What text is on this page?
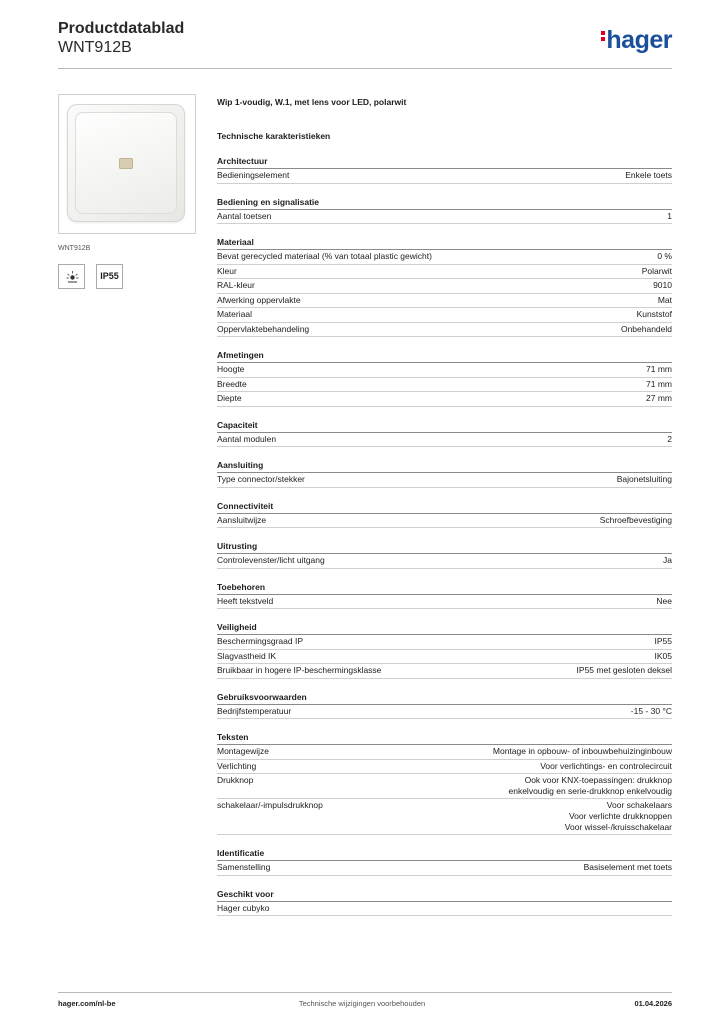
Productdatablad
WNT912B	hager
WNT912B
IP55
Wip 1-voudig, W.1, met lens voor LED, polarwit
Technische karakteristieken
Architectuur
Bedieningselement	Enkele toets
Bediening en signalisatie
Aantal toetsen	1
Materiaal
Bevat gerecycled materiaal (% van totaal plastic gewicht)	0 %
Kleur	Polarwit
RAL-kleur	9010
Afwerking oppervlakte	Mat
Materiaal	Kunststof
Oppervlaktebehandeling	Onbehandeld
Afmetingen
Hoogte	71 mm
Breedte	71 mm
Diepte	27 mm
Capaciteit
Aantal modulen	2
Aansluiting
Type connector/stekker	Bajonetsluiting
Connectiviteit
Aansluitwijze	Schroefbevestiging
Uitrusting
Controlevenster/licht uitgang	Ja
Toebehoren
Heeft tekstveld	Nee
Veiligheid
Beschermingsgraad IP	IP55
Slagvastheid IK	IK05
Bruikbaar in hogere IP-beschermingsklasse	IP55 met gesloten deksel
Gebruiksvoorwaarden
Bedrijfstemperatuur	-15 - 30 °C
Teksten
Montagewijze	Montage in opbouw- of inbouwbehuizinginbouw
Verlichting	Voor verlichtings- en controlecircuit
Drukknop	Ook voor KNX-toepassingen: drukknop
enkelvoudig en serie-drukknop enkelvoudig
schakelaar/-impulsdrukknop	Voor schakelaars
Voor verlichte drukknoppen
Voor wissel-/kruisschakelaar
Identificatie
Samenstelling	Basiselement met toets
Geschikt voor
Hager cubyko
hager.com/nl-be	Technische wijzigingen voorbehouden	01.04.2026
